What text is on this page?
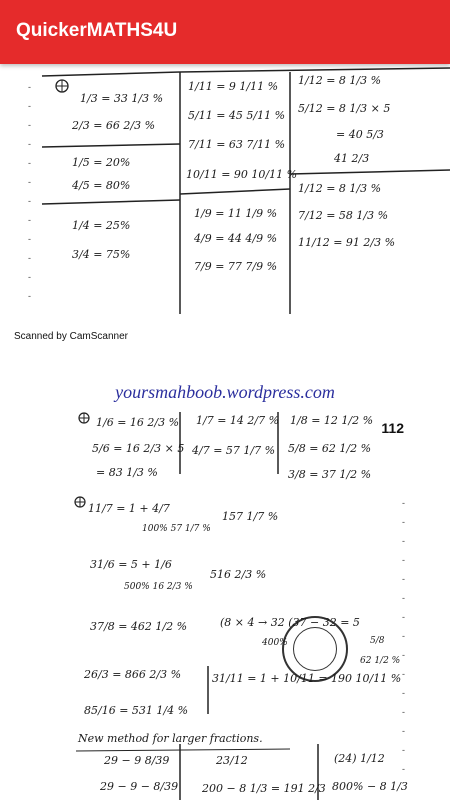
QuickerMATHS4U
-
-
-
-
-
-
-
-
-
-
-
-
1/3 = 33 1/3 %
2/3 = 66 2/3 %
1/5 = 20%
4/5 = 80%
1/4 = 25%
3/4 = 75%
1/11 = 9 1/11 %
5/11 = 45 5/11 %
7/11 = 63 7/11 %
10/11 = 90 10/11 %
1/9 = 11 1/9 %
4/9 = 44 4/9 %
7/9 = 77 7/9 %
1/12 = 8 1/3 %
5/12 = 8 1/3 × 5
= 40 5/3
41 2/3
1/12 = 8 1/3 %
7/12 = 58 1/3 %
11/12 = 91 2/3 %
Scanned by CamScanner
yoursmahboob.wordpress.com
112
-
-
-
-
-
-
-
-
-
-
-
-
-
-
-
1/6 = 16 2/3 %
5/6 = 16 2/3 × 5
= 83 1/3 %
1/7 = 14 2/7 %
4/7 = 57 1/7 %
1/8 = 12 1/2 %
5/8 = 62 1/2 %
3/8 = 37 1/2 %
11/7 = 1 + 4/7
100% 57 1/7 %
157 1/7 %
31/6 = 5 + 1/6
500% 16 2/3 %
516 2/3 %
37/8 = 462 1/2 %	(8 × 4 → 32 (37 − 32 = 5
400%	5/8
62 1/2 %
26/3 = 866 2/3 %	31/11 = 1 + 10/11 = 190 10/11 %
85/16 = 531 1/4 %
New method for larger fractions.
29 − 9 8/39	23/12
29 − 9 − 8/39 200 − 8 1/3 = 191 2/3
(24) 1/12
800% − 8 1/3
